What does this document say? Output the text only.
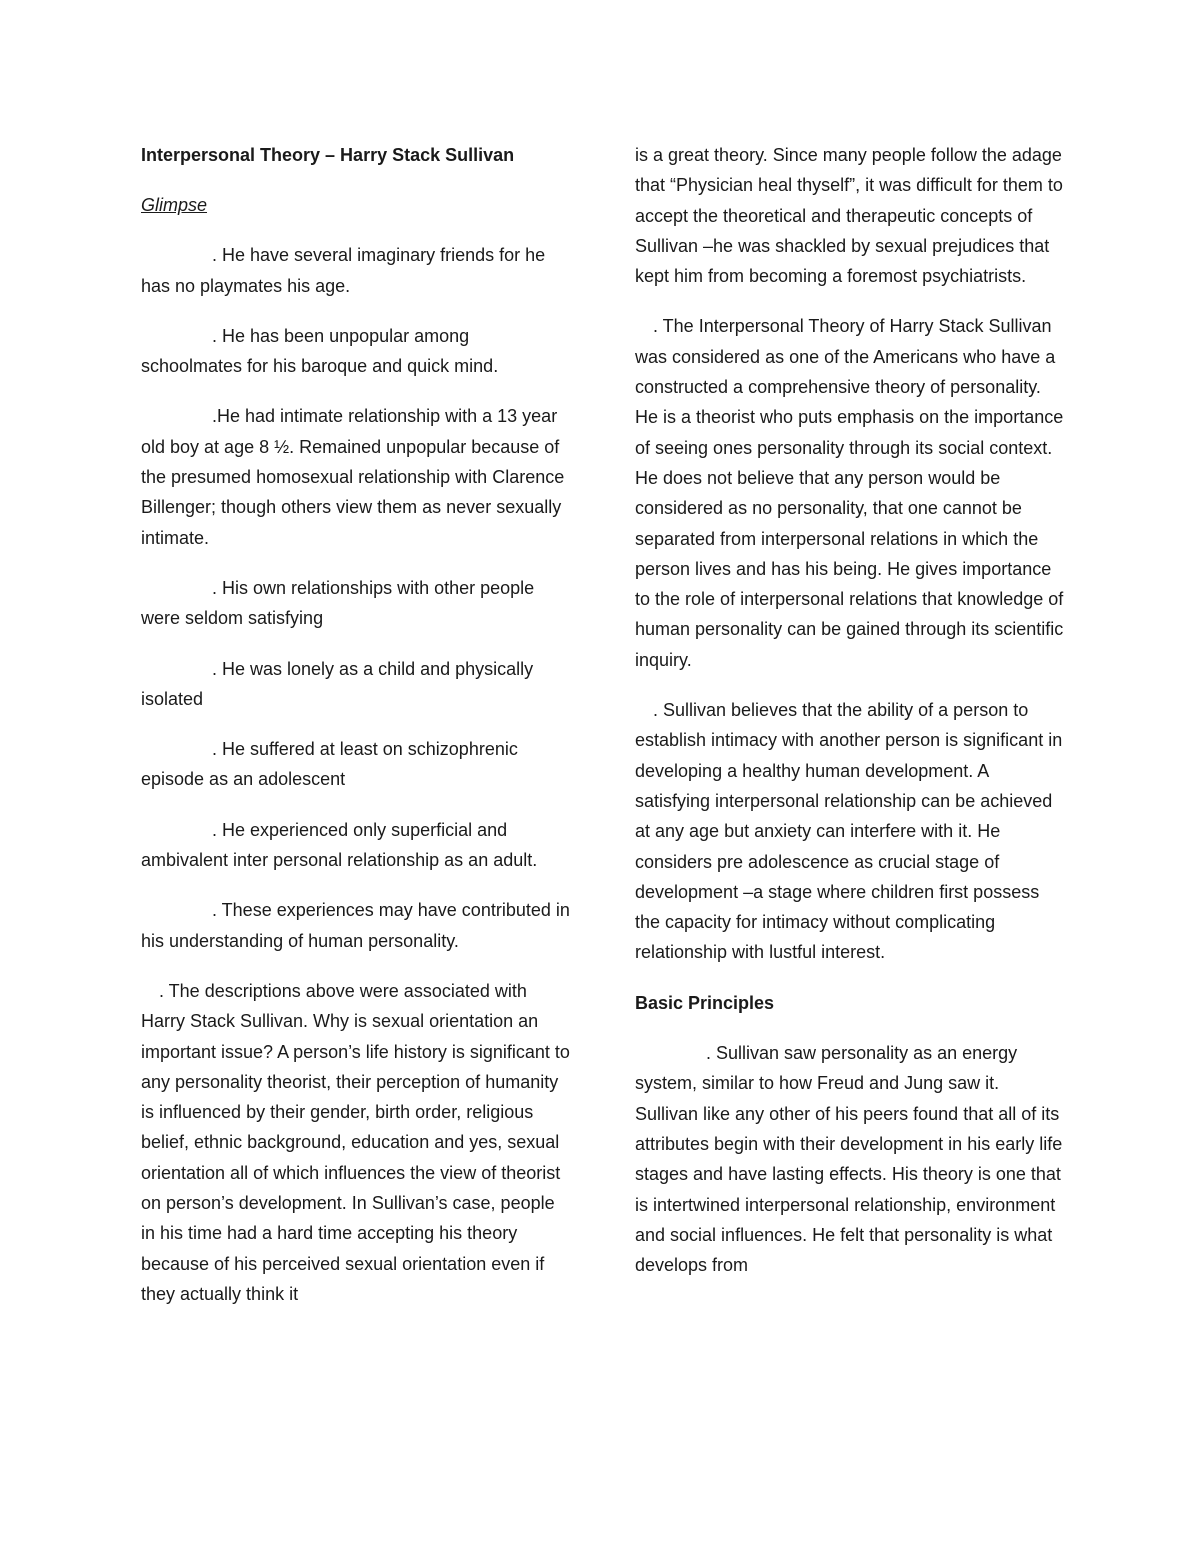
Interpersonal Theory – Harry Stack Sullivan
Glimpse

. He have several imaginary friends for he has no playmates his age.

. He has been unpopular among schoolmates for his baroque and quick mind.

.He had intimate relationship with a 13 year old boy at age 8 ½. Remained unpopular because of the presumed homosexual relationship with Clarence Billenger; though others view them as never sexually intimate.

. His own relationships with other people were seldom satisfying

. He was lonely as a child and physically isolated

. He suffered at least on schizophrenic episode as an adolescent

. He experienced only superficial and ambivalent inter personal relationship as an adult.

. These experiences may have contributed in his understanding of human personality.

. The descriptions above were associated with Harry Stack Sullivan. Why is sexual orientation an important issue? A person’s life history is significant to any personality theorist, their perception of humanity is influenced by their gender, birth order, religious belief, ethnic background, education and yes, sexual orientation all of which influences the view of theorist on person’s development. In Sullivan’s case, people in his time had a hard time accepting his theory because of his perceived sexual orientation even if they actually think it

is a great theory. Since many people follow the adage that “Physician heal thyself”, it was difficult for them to accept the theoretical and therapeutic concepts of Sullivan –he was shackled by sexual prejudices that kept him from becoming a foremost psychiatrists.

. The Interpersonal Theory of Harry Stack Sullivan was considered as one of the Americans who have a constructed a comprehensive theory of personality. He is a theorist who puts emphasis on the importance of seeing ones personality through its social context. He does not believe that any person would be considered as no personality, that one cannot be separated from interpersonal relations in which the person lives and has his being. He gives importance to the role of interpersonal relations that knowledge of human personality can be gained through its scientific inquiry.

. Sullivan believes that the ability of a person to establish intimacy with another person is significant in developing a healthy human development. A satisfying interpersonal relationship can be achieved at any age but anxiety can interfere with it. He considers pre adolescence as crucial stage of development –a stage where children first possess the capacity for intimacy without complicating relationship with lustful interest.

Basic Principles

. Sullivan saw personality as an energy system, similar to how Freud and Jung saw it. Sullivan like any other of his peers found that all of its attributes begin with their development in his early life stages and have lasting effects. His theory is one that is intertwined interpersonal relationship, environment and social influences. He felt that personality is what develops from
